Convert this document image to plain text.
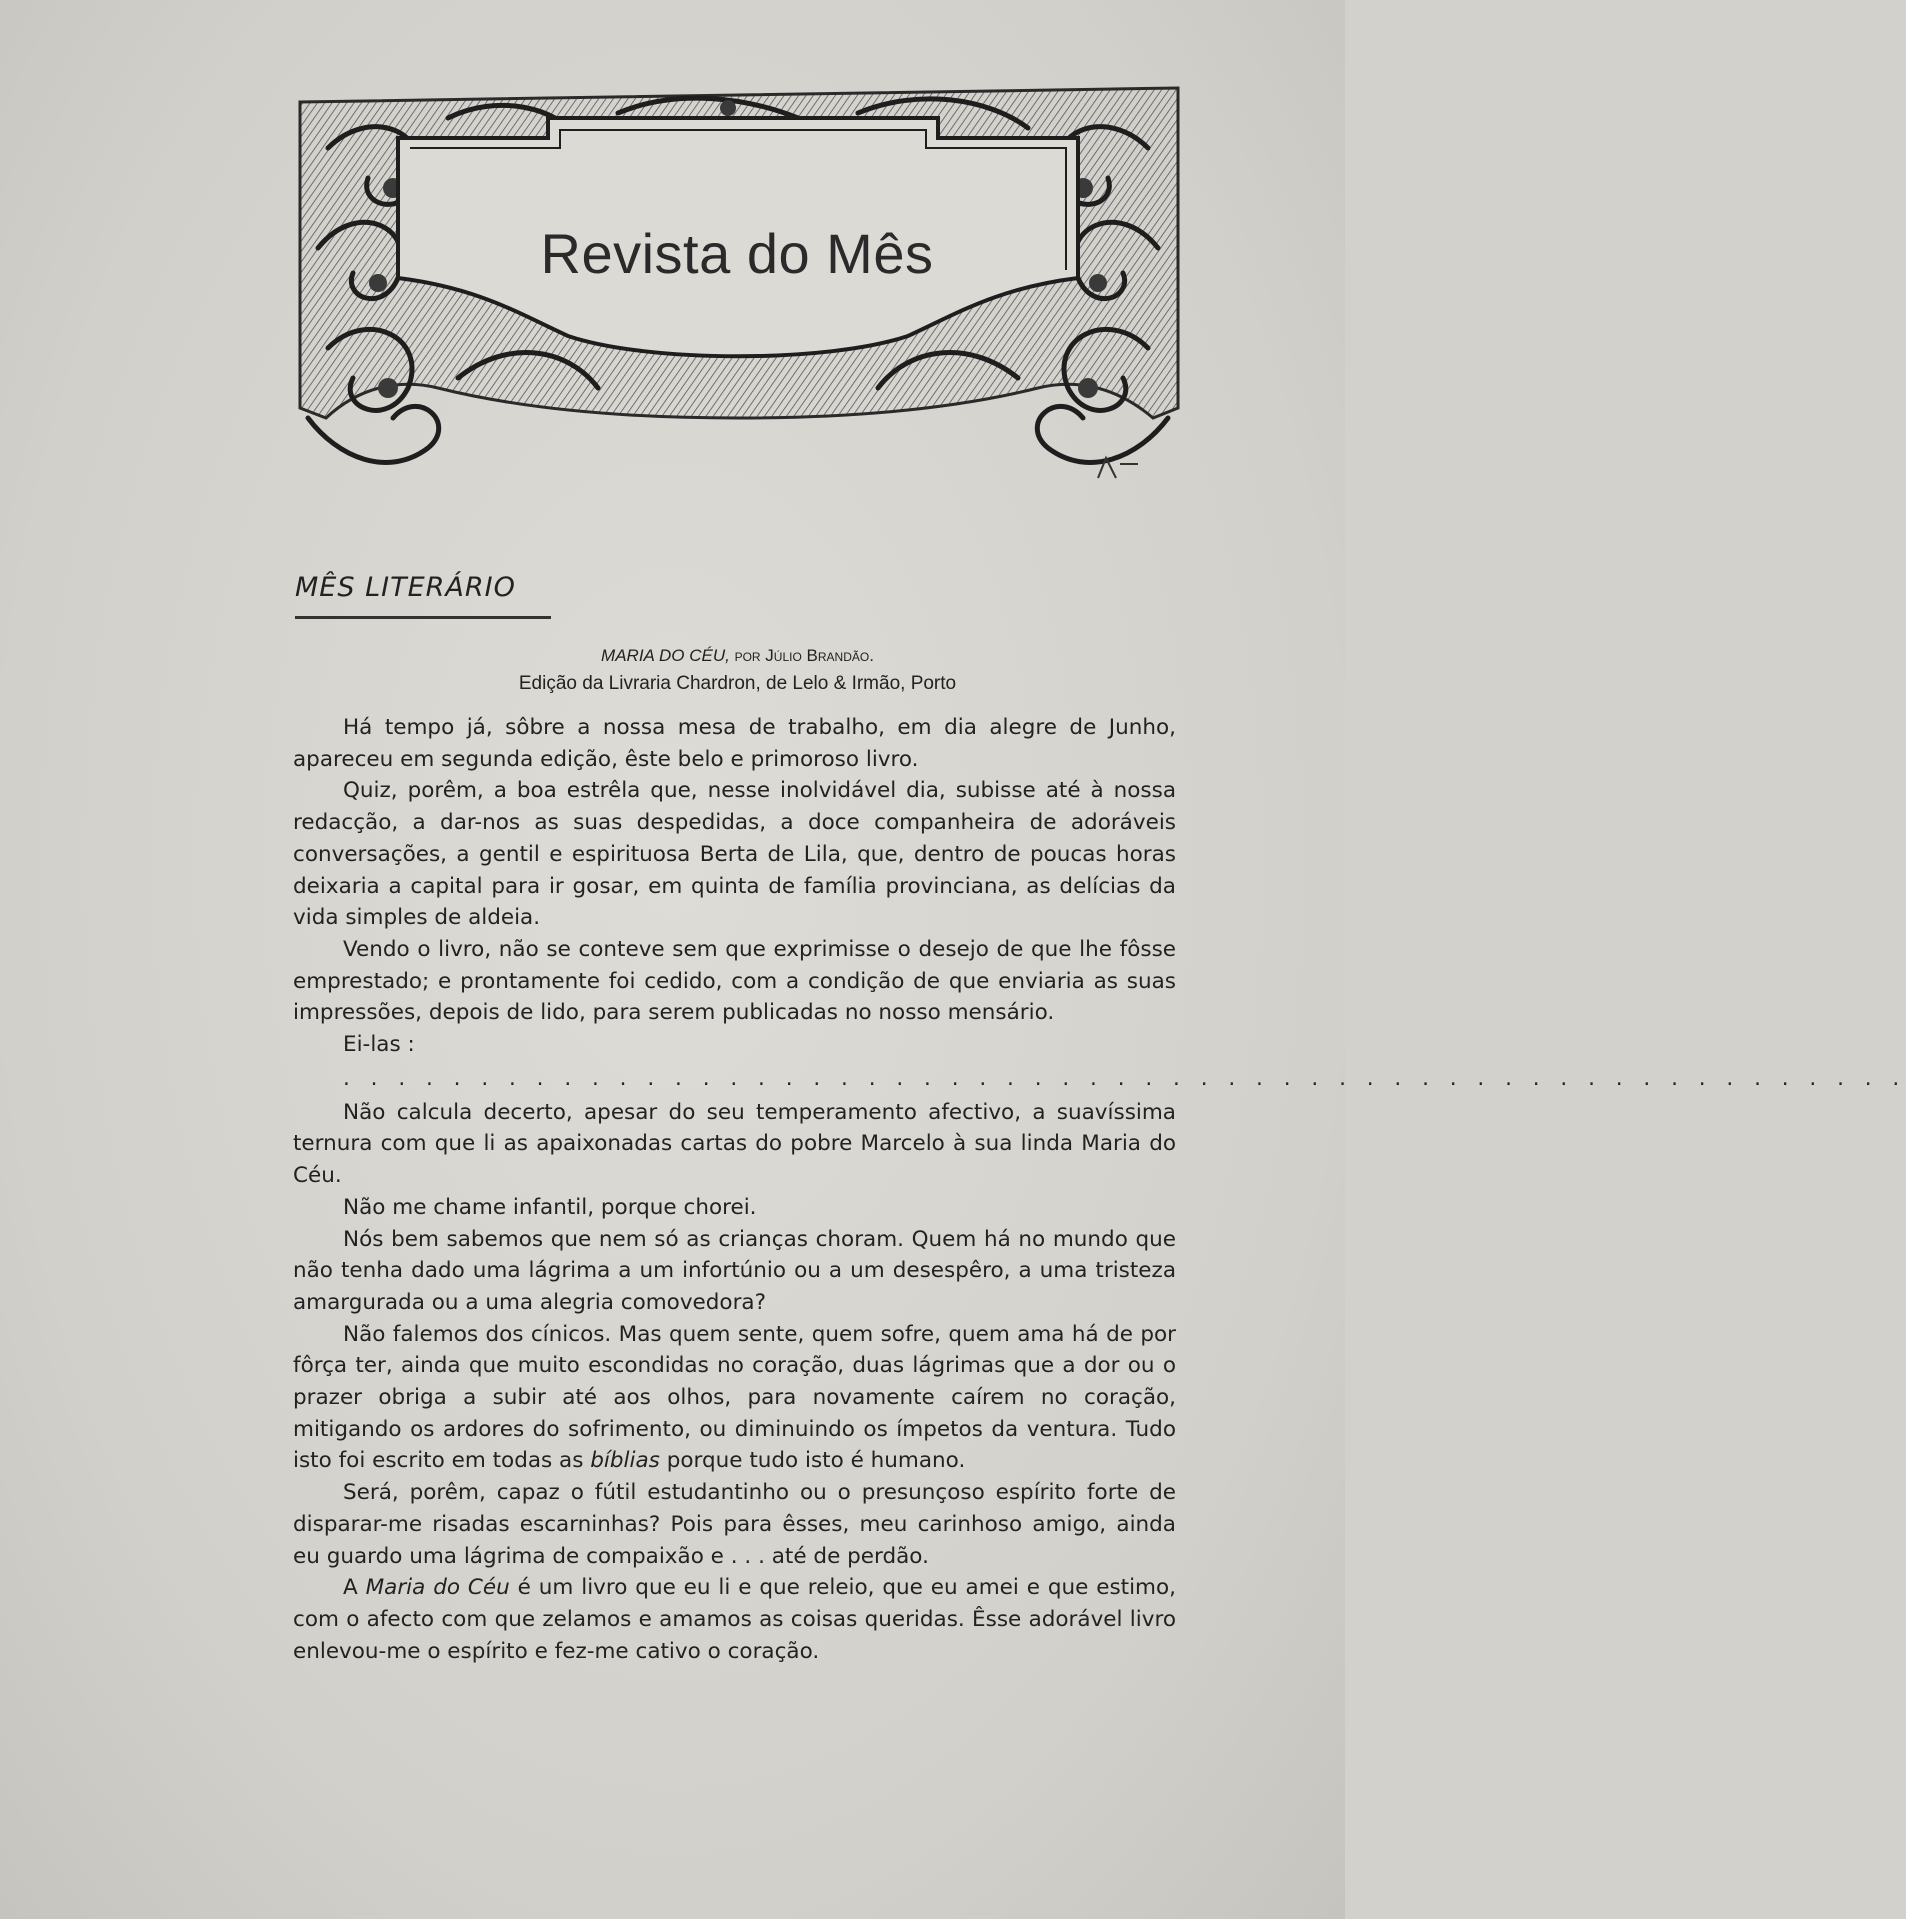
Revista do Mês
MÊS LITERÁRIO
MARIA DO CÉU, por Júlio Brandão.
Edição da Livraria Chardron, de Lelo & Irmão, Porto

Há tempo já, sôbre a nossa mesa de trabalho, em dia alegre de Junho, apareceu em segunda edição, êste belo e primoroso livro.

Quiz, porêm, a boa estrêla que, nesse inolvidável dia, subisse até à nossa redacção, a dar-nos as suas despedidas, a doce companheira de adoráveis conversações, a gentil e espirituosa Berta de Lila, que, dentro de poucas horas deixaria a capital para ir gosar, em quinta de família provinciana, as delícias da vida simples de aldeia.

Vendo o livro, não se conteve sem que exprimisse o desejo de que lhe fôsse emprestado; e prontamente foi cedido, com a condição de que enviaria as suas impressões, depois de lido, para serem publicadas no nosso mensário.

Ei-las :

. . . . . . . . . . . . . . . . . . . . . . . . . . . . . . . . . . . . . . . . . . . . . . . . . . . . . . . . .

Não calcula decerto, apesar do seu temperamento afectivo, a suavíssima ternura com que li as apaixonadas cartas do pobre Marcelo à sua linda Maria do Céu.

Não me chame infantil, porque chorei.

Nós bem sabemos que nem só as crianças choram. Quem há no mundo que não tenha dado uma lágrima a um infortúnio ou a um desespêro, a uma tristeza amargurada ou a uma alegria comovedora?

Não falemos dos cínicos. Mas quem sente, quem sofre, quem ama há de por fôrça ter, ainda que muito escondidas no coração, duas lágrimas que a dor ou o prazer obriga a subir até aos olhos, para novamente caírem no coração, mitigando os ardores do sofrimento, ou diminuindo os ímpetos da ventura. Tudo isto foi escrito em todas as bíblias porque tudo isto é humano.

Será, porêm, capaz o fútil estudantinho ou o presunçoso espírito forte de disparar-me risadas escarninhas? Pois para êsses, meu carinhoso amigo, ainda eu guardo uma lágrima de compaixão e . . . até de perdão.

A Maria do Céu é um livro que eu li e que releio, que eu amei e que estimo, com o afecto com que zelamos e amamos as coisas queridas. Êsse adorável livro enlevou-me o espírito e fez-me cativo o coração.
